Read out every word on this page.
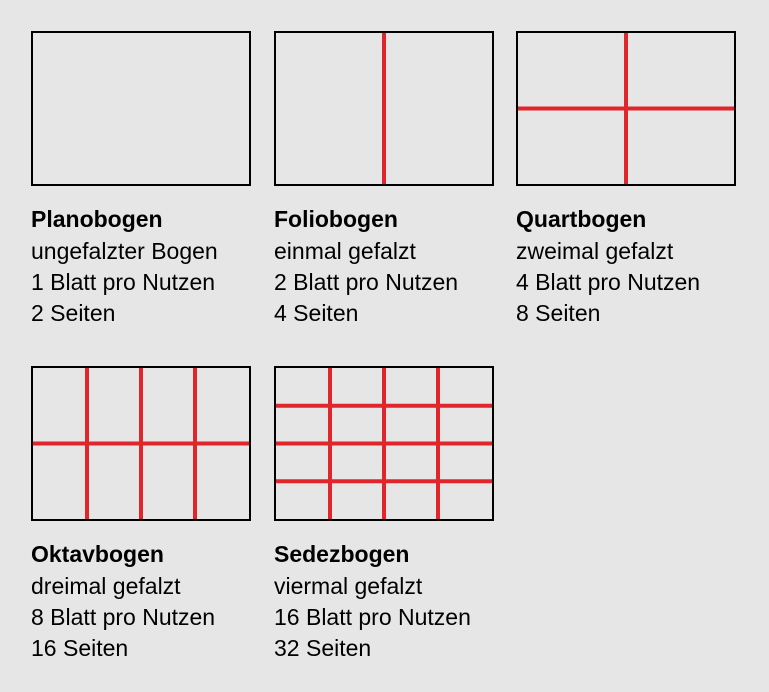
Planobogen
ungefalzter Bogen
1 Blatt pro Nutzen
2 Seiten
Foliobogen
einmal gefalzt
2 Blatt pro Nutzen
4 Seiten
Quartbogen
zweimal gefalzt
4 Blatt pro Nutzen
8 Seiten
Oktavbogen
dreimal gefalzt
8 Blatt pro Nutzen
16 Seiten
Sedezbogen
viermal gefalzt
16 Blatt pro Nutzen
32 Seiten
